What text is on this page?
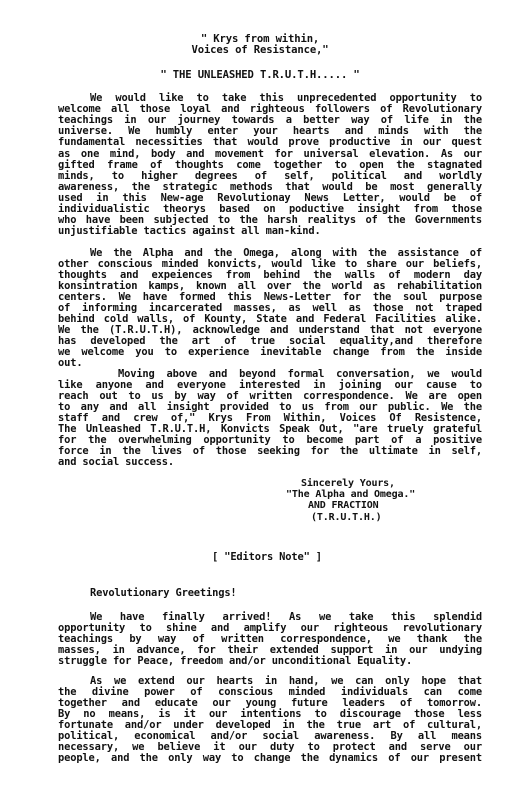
" Krys from within,
Voices of Resistance,"
" THE UNLEASHED T.R.U.T.H..... "
We would like to take this unprecedented opportunity to
welcome all those loyal and righteous followers of Revolutionary
teachings in our journey towards a better way of life in the
universe. We humbly enter your hearts and minds with the
fundamental necessities that would prove productive in our quest
as one mind, body and movement for universal elevation. As our
gifted frame of thoughts come together to open the stagnated
minds, to higher degrees of self, political and worldly
awareness, the strategic methods that would be most generally
used in this New-age Revolutionay News Letter, would be of
individualistic theorys based on poductive insight from those
who have been subjected to the harsh realitys of the Governments
unjustifiable tactics against all man-kind.
We the Alpha and the Omega, along with the assistance of
other conscious minded konvicts, would like to share our beliefs,
thoughts and expeiences from behind the walls of modern day
konsintration kamps, known all over the world as rehabilitation
centers. We have formed this News-Letter for the soul purpose
of informing incarcerated masses, as well as those not traped
behind cold walls, of Kounty, State and Federal Facilities alike.
We the (T.R.U.T.H), acknowledge and understand that not everyone
has developed the art of true social equality,and therefore
we welcome you to experience inevitable change from the inside
out.
Moving above and beyond formal conversation, we would
like anyone and everyone interested in joining our cause to
reach out to us by way of written correspondence. We are open
to any and all insight provided to us from our public. We the
staff and crew of," Krys From Within, Voices Of Resistence,
The Unleashed T.R.U.T.H, Konvicts Speak Out, "are truely grateful
for the overwhelming opportunity to become part of a positive
force in the lives of those seeking for the ultimate in self,
and social success.
Sincerely Yours,
"The Alpha and Omega."
AND FRACTION
(T.R.U.T.H.)
[ "Editors Note" ]
Revolutionary Greetings!
We have finally arrived! As we take this splendid
opportunity to shine and amplify our righteous revolutionary
teachings by way of written correspondence, we thank the
masses, in advance, for their extended support in our undying
struggle for Peace, freedom and/or unconditional Equality.
As we extend our hearts in hand, we can only hope that
the divine power of conscious minded individuals can come
together and educate our young future leaders of tomorrow.
By no means, is it our intentions to discourage those less
fortunate and/or under developed in the true art of cultural,
political, economical and/or social awareness. By all means
necessary, we believe it our duty to protect and serve our
people, and the only way to change the dynamics of our present
